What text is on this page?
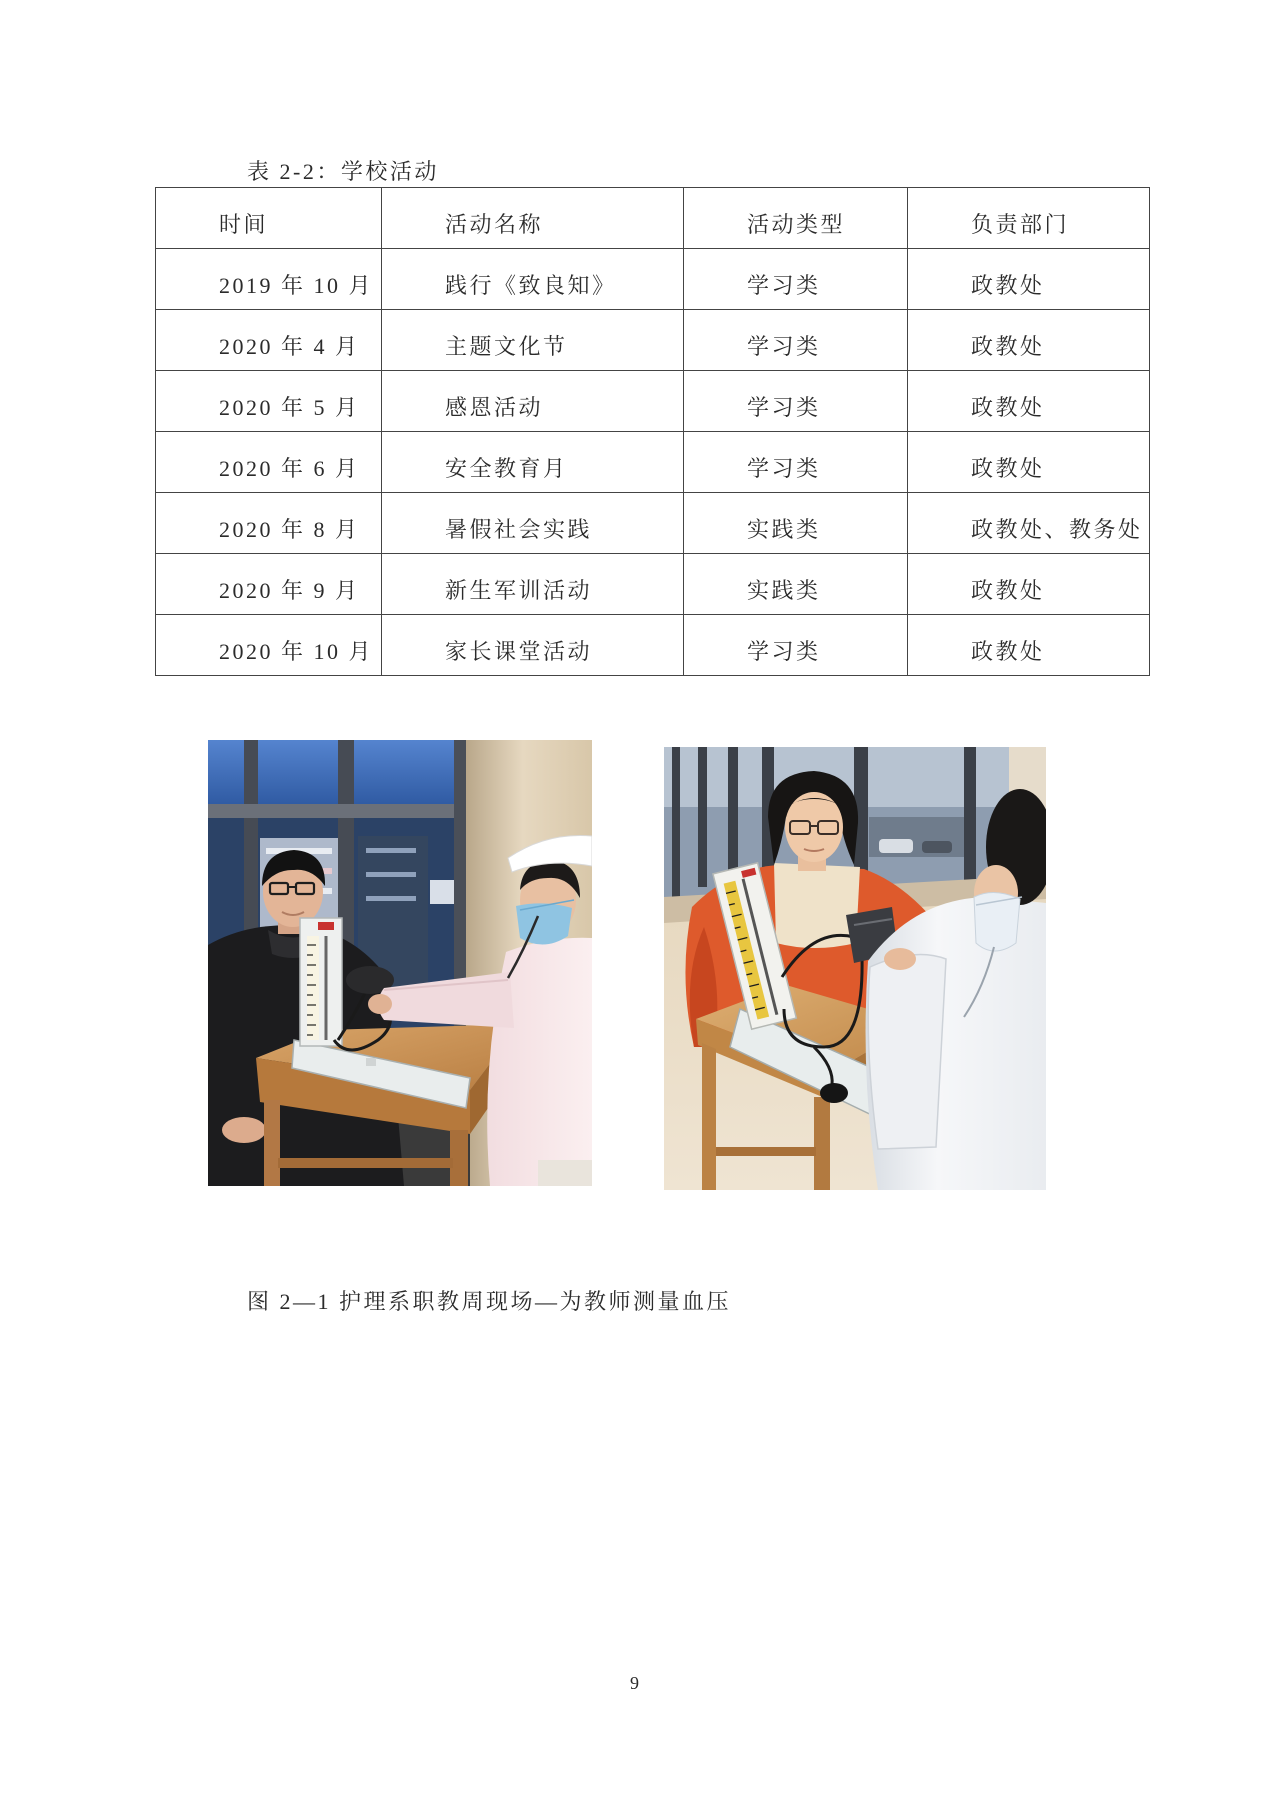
表 2-2：学校活动
时间	活动名称	活动类型	负责部门
2019 年 10 月	践行《致良知》	学习类	政教处
2020 年 4 月	主题文化节	学习类	政教处
2020 年 5 月	感恩活动	学习类	政教处
2020 年 6 月	安全教育月	学习类	政教处
2020 年 8 月	暑假社会实践	实践类	政教处、教务处
2020 年 9 月	新生军训活动	实践类	政教处
2020 年 10 月	家长课堂活动	学习类	政教处
图 2—1 护理系职教周现场—为教师测量血压
9
